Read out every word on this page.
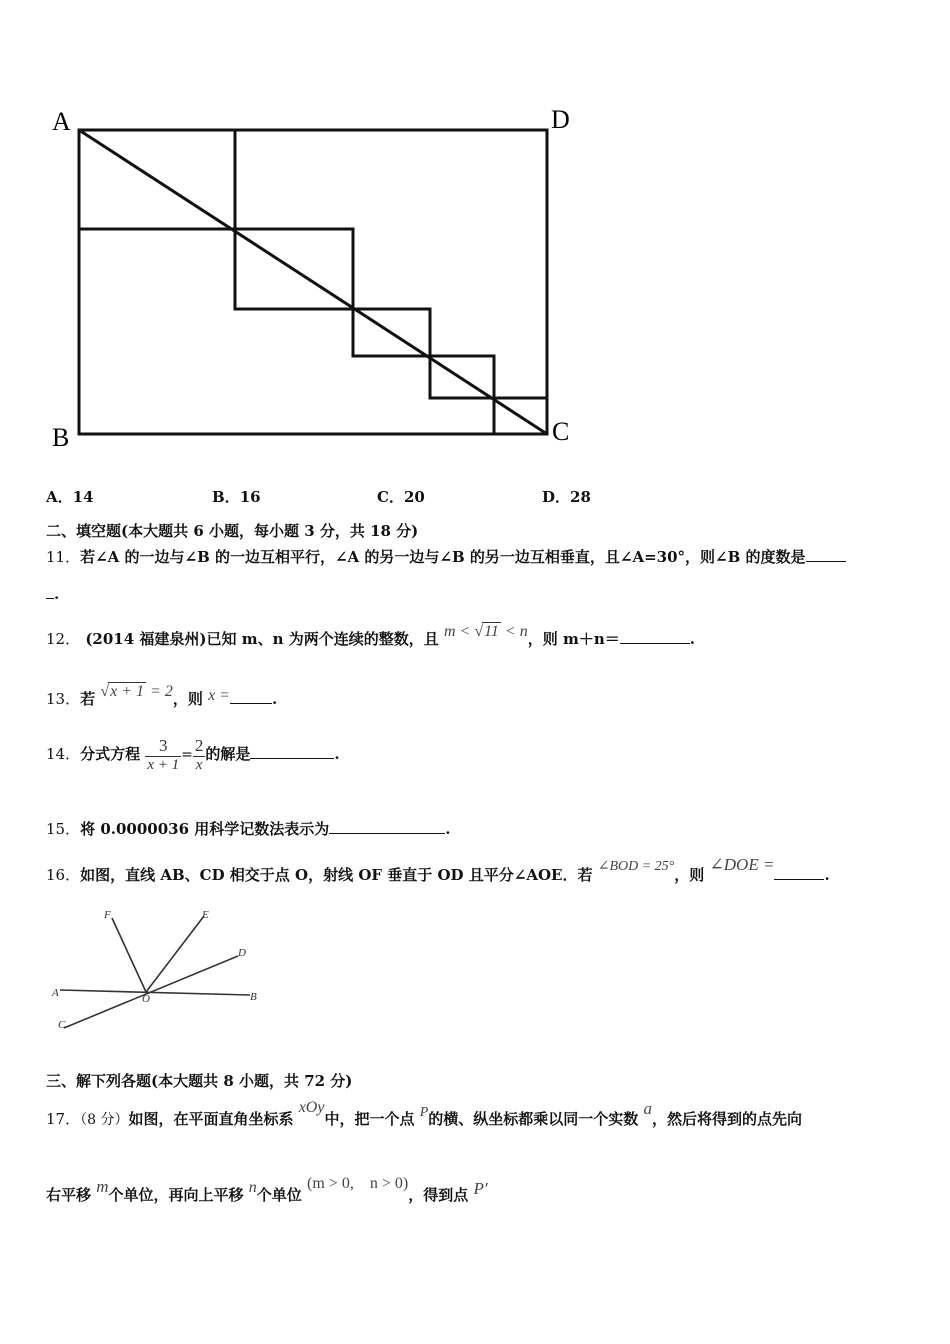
A	D
B	C
A．14	B．16	C．20	D．28
二、填空题(本大题共 6 小题，每小题 3 分，共 18 分)
11．若∠A 的一边与∠B 的一边互相平行，∠A 的另一边与∠B 的另一边互相垂直，且∠A=30°，则∠B 的度数是
.
12． (2014 福建泉州)已知 m、n 为两个连续的整数，且 m < √11 < n，则 m＋n＝	.
13．若 √x + 1 = 2，则 x =	.
14．分式方程 $\frac{3}{x + 1} = \frac{2}{x}$ 的解是	.
15．将 0.0000036 用科学记数法表示为	.
16．如图，直线 AB、CD 相交于点 O，射线 OF 垂直于 OD 且平分∠AOE．若 ∠BOD = 25°，则 ∠DOE =.
F	E
D
A	O	B
C
三、解下列各题(本大题共 8 小题，共 72 分)
17．（8 分）如图，在平面直角坐标系 xOy中，把一个点 P的横、纵坐标都乘以同一个实数 a，然后将得到的点先向
右平移 m个单位，再向上平移 n个单位 (m > 0,　n > 0)，得到点 P′
